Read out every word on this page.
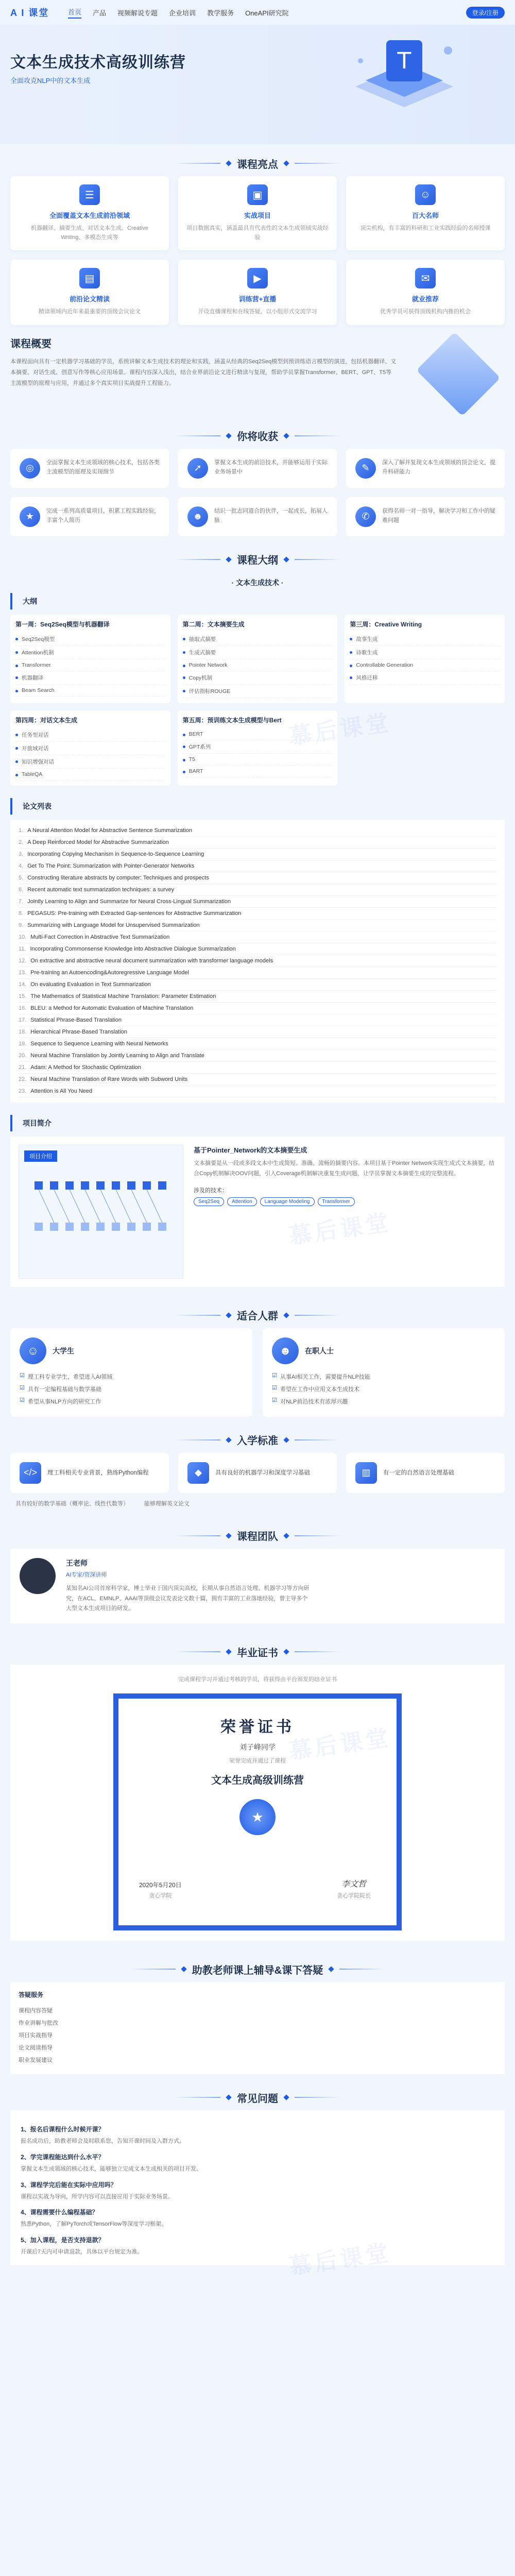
A I 课堂	首页 产品 视频解说专题 企业培训 教学服务 OneAPI研究院	登录/注册
文本生成技术高级训练营
全面攻克NLP中的文本生成
T
课程亮点
☰
全面覆盖文本生成前沿领域
机器翻译、摘要生成、对话文本生成、Creative Writing、多模态生成等
▣
实战项目
项目数据真实，涵盖最具有代表性的文本生成领域实战经验
☺
百大名师
顶尖机构，有丰富的科研和工业实践经验的名师授课
▤
前沿论文精读
精读领域内近年来最重要的顶级会议论文
▶
训练营+直播
开设直播课程和在线答疑，以小组形式交流学习
✉
就业推荐
优秀学员可获得顶级机构内推的机会
课程概要

本课程面向具有一定机器学习基础的学员，系统讲解文本生成技术的理论和实践，涵盖从经典的Seq2Seq模型到预训练语言模型的演进，包括机器翻译、文本摘要、对话生成、创意写作等核心应用场景。课程内容深入浅出，结合业界前沿论文进行精读与复现，帮助学员掌握Transformer、BERT、GPT、T5等主流模型的原理与应用，并通过多个真实项目实战提升工程能力。

你将收获
◎
全面掌握文本生成领域的核心技术，包括各类主流模型的原理及实现细节	➚
掌握文本生成的前沿技术，并能够运用于实际业务场景中	✎
深入了解并复现文本生成领域的顶会论文，提升科研能力
★
完成一系列高质量项目，积累工程实践经验，丰富个人简历	☻
结识一批志同道合的伙伴，一起成长，拓展人脉	✆
获得名师一对一指导，解决学习和工作中的疑难问题
课程大纲
· 文本生成技术 ·
大纲
第一周：Seq2Seq模型与机器翻译
Seq2Seq模型
Attention机制
Transformer
机器翻译
Beam Search
第二周：文本摘要生成
抽取式摘要
生成式摘要
Pointer Network
Copy机制
评估指标ROUGE
第三周：Creative Writing
故事生成
诗歌生成
Controllable Generation
风格迁移
第四周：对话文本生成
任务型对话
开放域对话
知识增强对话
TableQA
第五周：预训练文本生成模型与Bert
BERT
GPT系列
T5
BART
论文列表
1. A Neural Attention Model for Abstractive Sentence Summarization
2. A Deep Reinforced Model for Abstractive Summarization
3. Incorporating Copying Mechanism in Sequence-to-Sequence Learning
4. Get To The Point: Summarization with Pointer-Generator Networks
5. Constructing literature abstracts by computer: Techniques and prospects
6. Recent automatic text summarization techniques: a survey
7. Jointly Learning to Align and Summarize for Neural Cross-Lingual Summarization
8. PEGASUS: Pre-training with Extracted Gap-sentences for Abstractive Summarization
9. Summarizing with Language Model for Unsupervised Summarization
10. Multi-Fact Correction in Abstractive Text Summarization
11. Incorporating Commonsense Knowledge into Abstractive Dialogue Summarization
12. On extractive and abstractive neural document summarization with transformer language models
13. Pre-training an Autoencoding&Autoregressive Language Model
14. On evaluating Evaluation in Text Summarization
15. The Mathematics of Statistical Machine Translation: Parameter Estimation
16. BLEU: a Method for Automatic Evaluation of Machine Translation
17. Statistical Phrase-Based Translation
18. Hierarchical Phrase-Based Translation
19. Sequence to Sequence Learning with Neural Networks
20. Neural Machine Translation by Jointly Learning to Align and Translate
21. Adam: A Method for Stochastic Optimization
22. Neural Machine Translation of Rare Words with Subword Units
23. Attention is All You Need
项目简介
项目介绍
基于Pointer_Network的文本摘要生成

文本摘要是从一段或多段文本中生成简短、准确、流畅的摘要内容。本项目基于Pointer Network实现生成式文本摘要，结合Copy机制解决OOV问题，引入Coverage机制解决重复生成问题，让学员掌握文本摘要生成的完整流程。

涉及的技术：
Seq2Seq Attention Language Modeling Transformer
适合人群
☺	大学生
☑ 理工科专业学生，希望进入AI领域
☑ 具有一定编程基础与数学基础
☑ 希望从事NLP方向的研究工作
☻	在职人士
☑ 从事AI相关工作，需要提升NLP技能
☑ 希望在工作中应用文本生成技术
☑ 对NLP前沿技术有浓厚兴趣
入学标准
</>	理工科相关专业背景，熟练Python编程	◆	具有良好的机器学习和深度学习基础	▥	有一定的自然语言处理基础
具有较好的数学基础（概率论、线性代数等）	能够理解英文论文
课程团队
王老师
AI专家/资深讲师
某知名AI公司首席科学家，博士毕业于国内顶尖高校，长期从事自然语言处理、机器学习等方向研究，在ACL、EMNLP、AAAI等顶级会议发表论文数十篇，拥有丰富的工业落地经验，曾主导多个大型文本生成项目的研发。
毕业证书
完成课程学习并通过考核的学员，将获得由平台颁发的结业证书
荣誉证书
刘子峰同学
荣誉完成并通过了课程
文本生成高级训练营
★
2020年5月20日
贪心学院
李文哲
贪心学院院长
助教老师课上辅导&课下答疑
答疑服务
课程内容答疑
作业讲解与批改
项目实战指导
论文阅读指导
职业发展建议
常见问题
1、报名后课程什么时候开课？
报名成功后，助教老师会及时联系您，告知开课时间及入群方式。
2、学完课程能达到什么水平？
掌握文本生成领域的核心技术，能够独立完成文本生成相关的项目开发。
3、课程学完后能在实际中应用吗？
课程以实战为导向，所学内容可以直接应用于实际业务场景。
4、课程需要什么编程基础？
熟悉Python，了解PyTorch或TensorFlow等深度学习框架。
5、加入课程，是否支持退款？
开课后7天内可申请退款，具体以平台规定为准。
慕后课堂
